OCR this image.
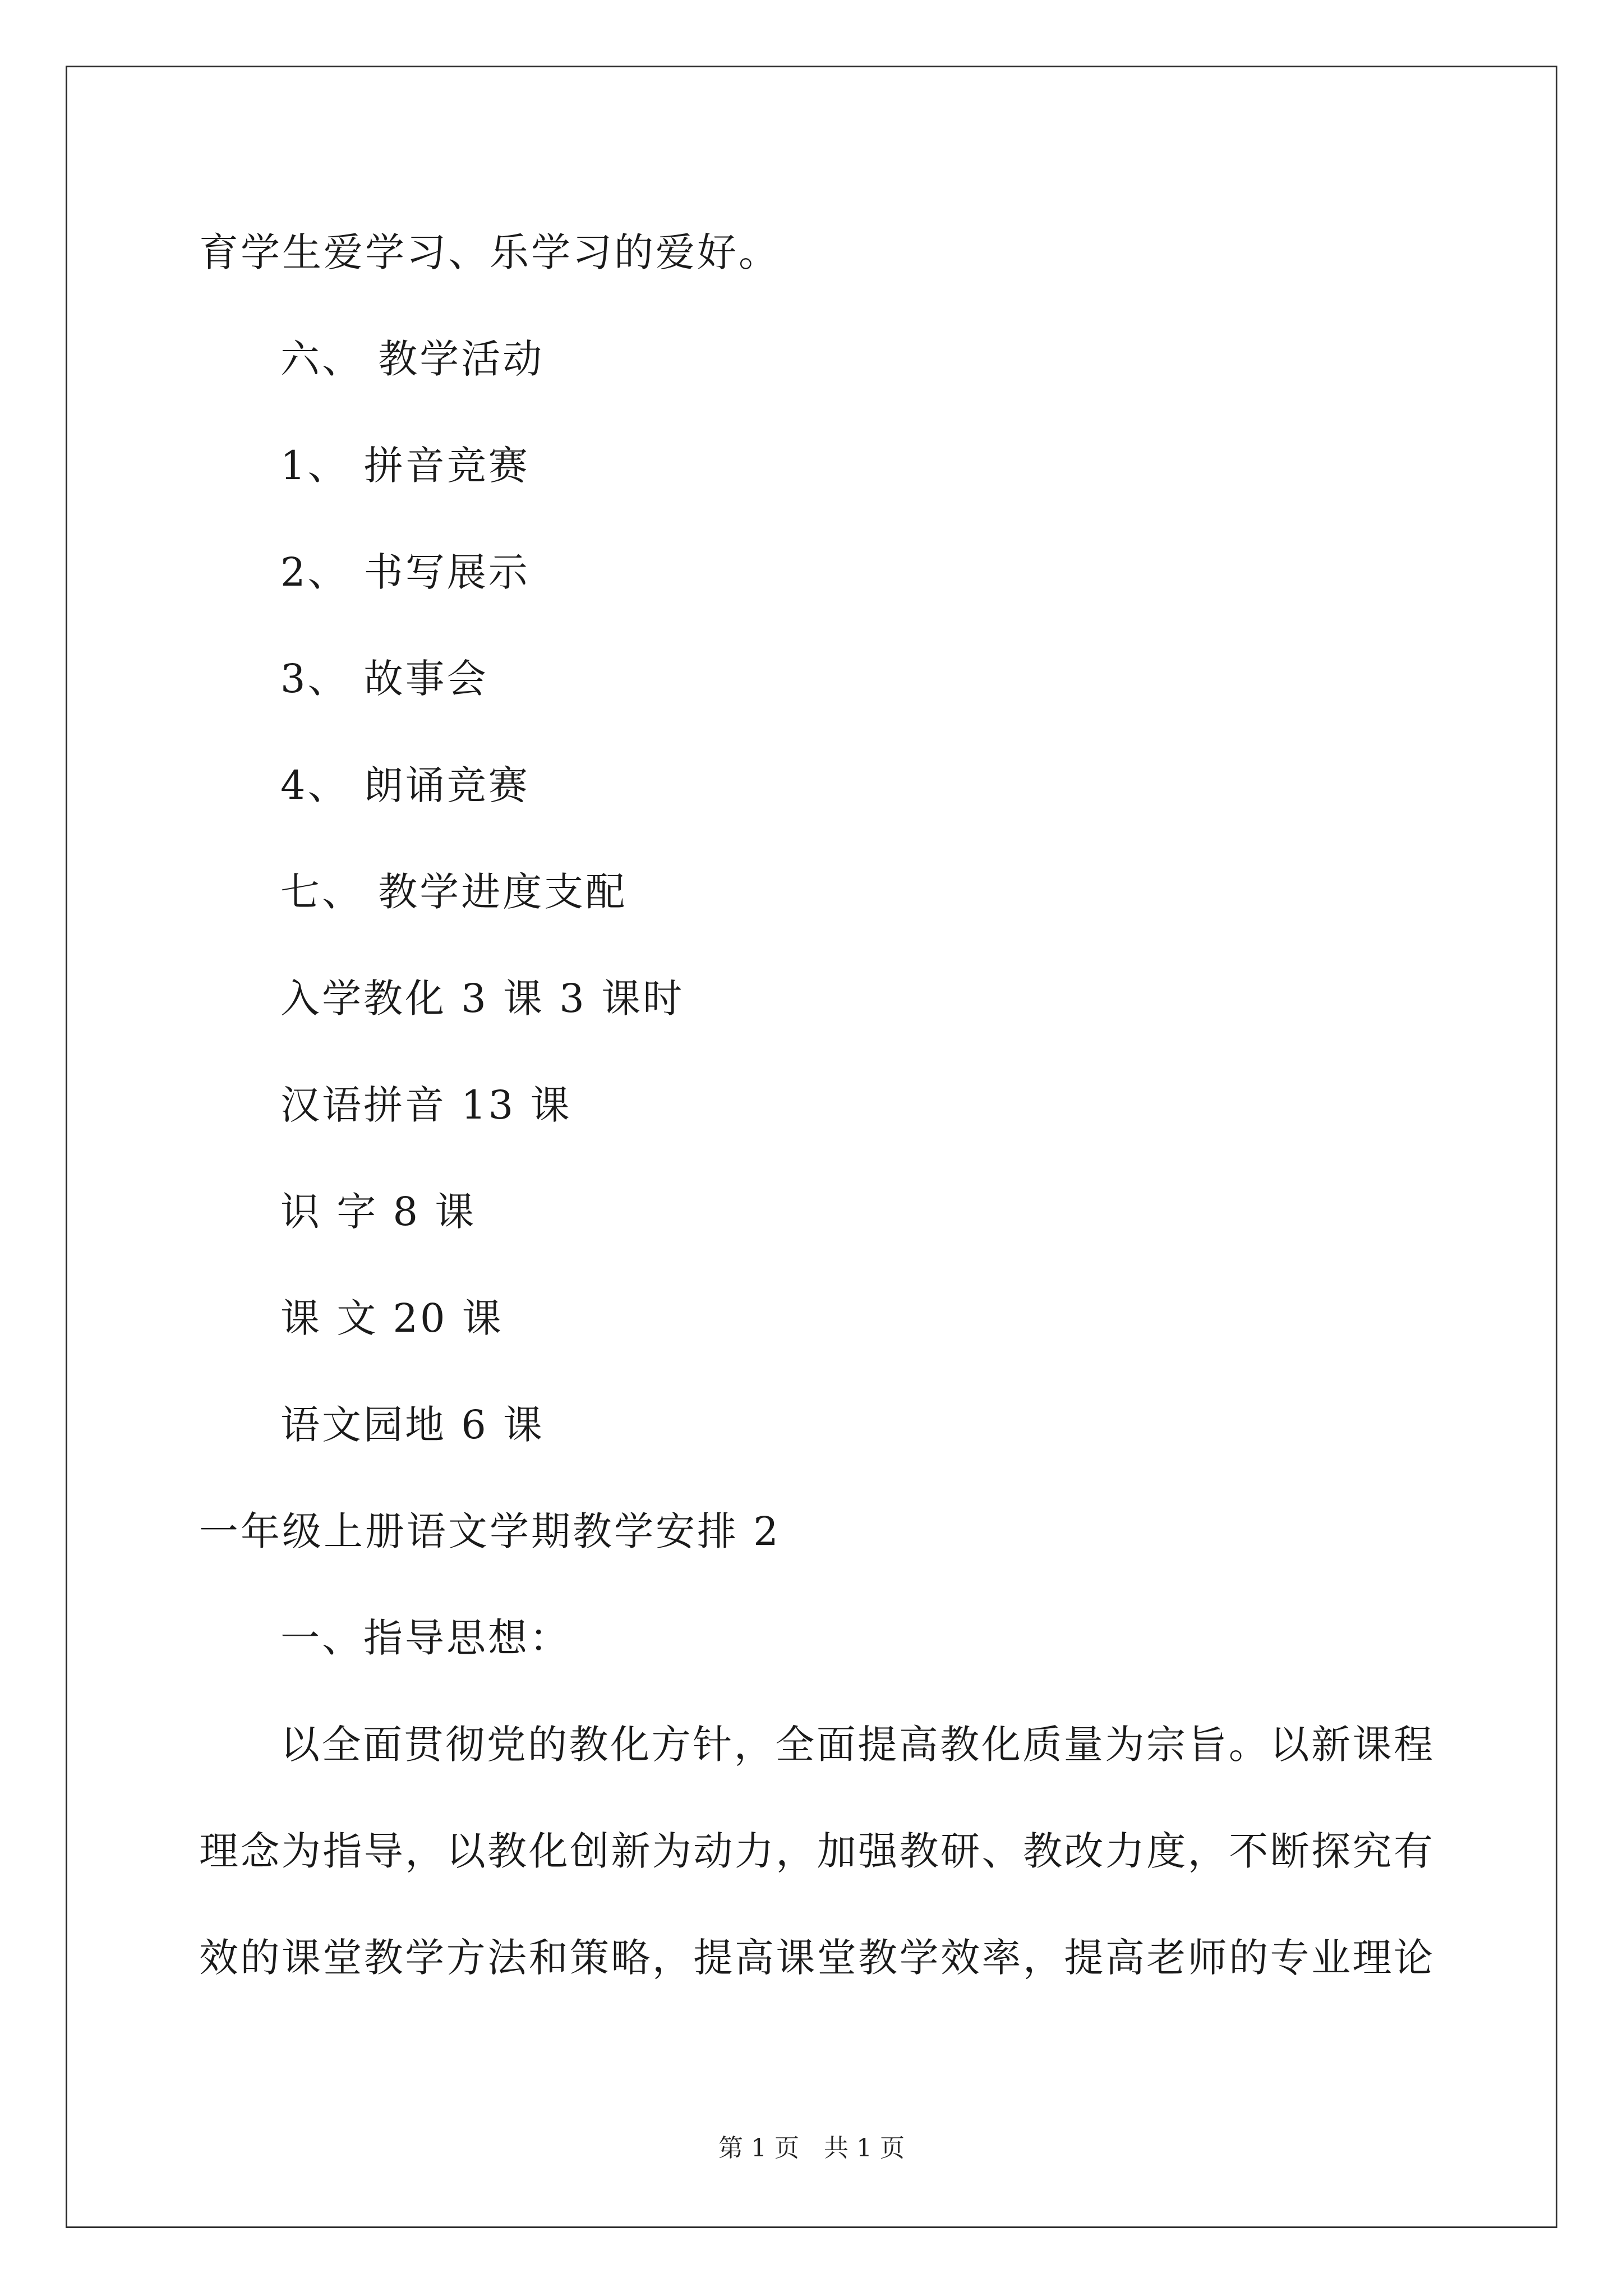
育学生爱学习、乐学习的爱好。
六、 教学活动
1、 拼音竞赛
2、 书写展示
3、 故事会
4、 朗诵竞赛
七、 教学进度支配
入学教化 3 课 3 课时
汉语拼音 13 课
识 字 8 课
课 文 20 课
语文园地 6 课
一年级上册语文学期教学安排 2
一、指导思想：
以全面贯彻党的教化方针，全面提高教化质量为宗旨。以新课程
理念为指导，以教化创新为动力，加强教研、教改力度，不断探究有
效的课堂教学方法和策略，提高课堂教学效率，提高老师的专业理论
第 1 页　共 1 页
